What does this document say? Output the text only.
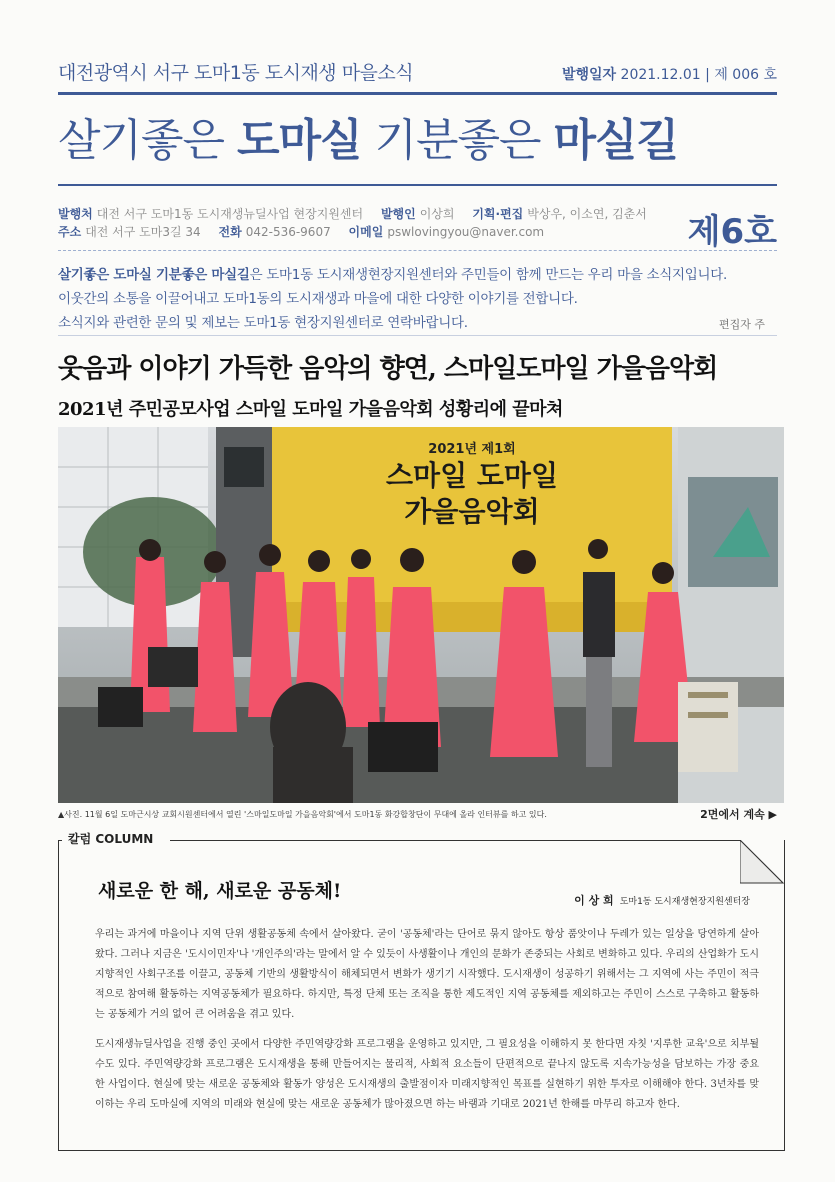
대전광역시 서구 도마1동 도시재생 마을소식	발행일자 2021.12.01 | 제 006 호
살기좋은 도마실 기분좋은 마실길
발행처 대전 서구 도마1동 도시재생뉴딜사업 현장지원센터 발행인 이상희 기획·편집 박상우, 이소연, 김춘서
주소 대전 서구 도마3길 34 전화 042-536-9607 이메일 pswlovingyou@naver.com	제6호
살기좋은 도마실 기분좋은 마실길은 도마1동 도시재생현장지원센터와 주민들이 함께 만드는 우리 마을 소식지입니다.
이웃간의 소통을 이끌어내고 도마1동의 도시재생과 마을에 대한 다양한 이야기를 전합니다.
소식지와 관련한 문의 및 제보는 도마1동 현장지원센터로 연락바랍니다.	편집자 주
웃음과 이야기 가득한 음악의 향연, 스마일도마일 가을음악회
2021년 주민공모사업 스마일 도마일 가을음악회 성황리에 끝마쳐
2021년 제1회
스마일 도마일
가을음악회
▲사진. 11월 6일 도마근시상 교회시원센터에서 열린 '스마일도마일 가을음악회'에서 도마1동 화강합창단이 무대에 올라 인터뷰를 하고 있다.	2면에서 계속 ▶
칼럼 COLUMN
새로운 한 해, 새로운 공동체!	이 상 희 도마1동 도시재생현장지원센터장
우리는 과거에 마을이나 지역 단위 생활공동체 속에서 살아왔다. 굳이 '공동체'라는 단어로 묶지 않아도 항상 품앗이나 두레가 있는 일상을 당연하게 살아왔다. 그러나 지금은 '도시이민자'나 '개인주의'라는 말에서 알 수 있듯이 사생활이나 개인의 문화가 존중되는 사회로 변화하고 있다. 우리의 산업화가 도시지향적인 사회구조를 이끌고, 공동체 기반의 생활방식이 해체되면서 변화가 생기기 시작했다. 도시재생이 성공하기 위해서는 그 지역에 사는 주민이 적극적으로 참여해 활동하는 지역공동체가 필요하다. 하지만, 특정 단체 또는 조직을 통한 제도적인 지역 공동체를 제외하고는 주민이 스스로 구축하고 활동하는 공동체가 거의 없어 큰 어려움을 겪고 있다.
도시재생뉴딜사업을 진행 중인 곳에서 다양한 주민역량강화 프로그램을 운영하고 있지만, 그 필요성을 이해하지 못 한다면 자칫 '지루한 교육'으로 치부될 수도 있다. 주민역량강화 프로그램은 도시재생을 통해 만들어지는 물리적, 사회적 요소들이 단편적으로 끝나지 않도록 지속가능성을 담보하는 가장 중요한 사업이다. 현실에 맞는 새로운 공동체와 활동가 양성은 도시재생의 출발점이자 미래지향적인 목표를 실현하기 위한 투자로 이해해야 한다. 3년차를 맞이하는 우리 도마실에 지역의 미래와 현실에 맞는 새로운 공동체가 많아졌으면 하는 바램과 기대로 2021년 한해를 마무리 하고자 한다.
